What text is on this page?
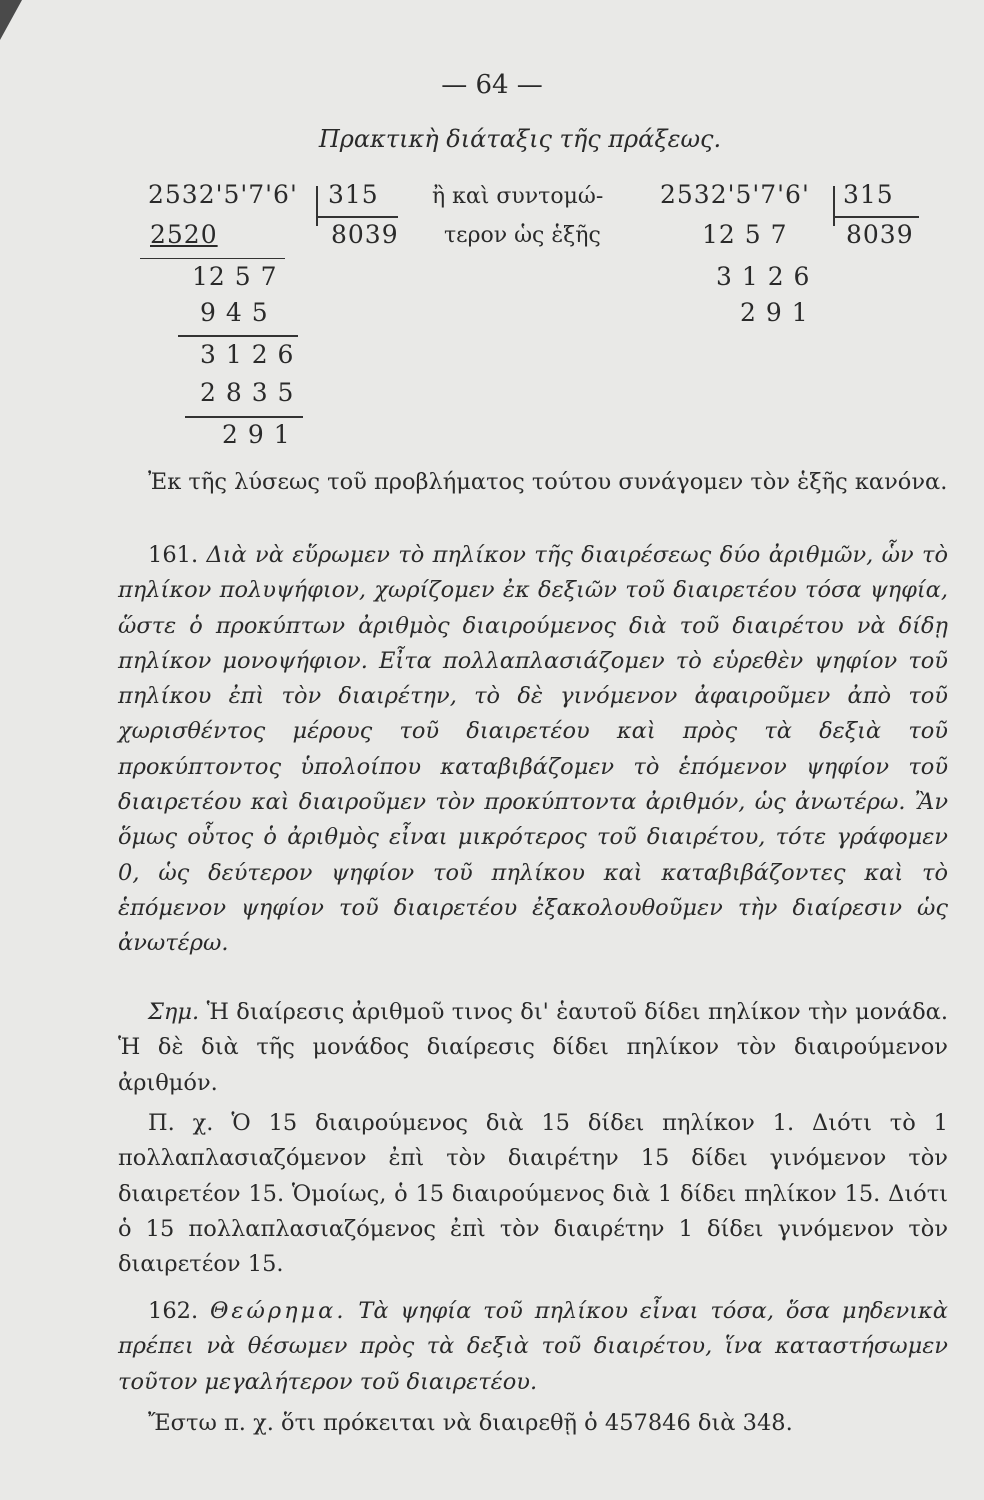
— 64 —
Πρακτικὴ διάταξις τῆς πράξεως.
2532'5'7'6' 315
8039
2520
12 5 7
9 4 5
3 1 2 6
2 8 3 5
2 9 1
ἢ καὶ συντομώ-
τερον ὡς ἑξῆς
2532'5'7'6' 315
8039
12 5 7
3 1 2 6
2 9 1
Ἐκ τῆς λύσεως τοῦ προβλήματος τούτου συνάγομεν τὸν ἑξῆς κανόνα.
161. Διὰ νὰ εὕρωμεν τὸ πηλίκον τῆς διαιρέσεως δύο ἀριθμῶν, ὧν τὸ πηλίκον πολυψήφιον, χωρίζομεν ἐκ δεξιῶν τοῦ διαιρετέου τόσα ψηφία, ὥστε ὁ προκύπτων ἀριθμὸς διαιρούμενος διὰ τοῦ διαιρέτου νὰ δίδῃ πηλίκον μονοψήφιον. Εἶτα πολλαπλασιάζομεν τὸ εὑρεθὲν ψηφίον τοῦ πηλίκου ἐπὶ τὸν διαιρέτην, τὸ δὲ γινόμενον ἀφαιροῦμεν ἀπὸ τοῦ χωρισθέντος μέρους τοῦ διαιρετέου καὶ πρὸς τὰ δεξιὰ τοῦ προκύπτοντος ὑπολοίπου καταβιβάζομεν τὸ ἑπόμενον ψηφίον τοῦ διαιρετέου καὶ διαιροῦμεν τὸν προκύπτοντα ἀριθμόν, ὡς ἀνωτέρω. Ἂν ὅμως οὗτος ὁ ἀριθμὸς εἶναι μικρότερος τοῦ διαιρέτου, τότε γράφομεν 0, ὡς δεύτερον ψηφίον τοῦ πηλίκου καὶ καταβιβάζοντες καὶ τὸ ἑπόμενον ψηφίον τοῦ διαιρετέου ἐξακολουθοῦμεν τὴν διαίρεσιν ὡς ἀνωτέρω.
Σημ. Ἡ διαίρεσις ἀριθμοῦ τινος δι' ἑαυτοῦ δίδει πηλίκον τὴν μονάδα. Ἡ δὲ διὰ τῆς μονάδος διαίρεσις δίδει πηλίκον τὸν διαιρούμενον ἀριθμόν.
Π. χ. Ὁ 15 διαιρούμενος διὰ 15 δίδει πηλίκον 1. Διότι τὸ 1 πολλαπλασιαζόμενον ἐπὶ τὸν διαιρέτην 15 δίδει γινόμενον τὸν διαιρετέον 15. Ὁμοίως, ὁ 15 διαιρούμενος διὰ 1 δίδει πηλίκον 15. Διότι ὁ 15 πολλαπλασιαζόμενος ἐπὶ τὸν διαιρέτην 1 δίδει γινόμενον τὸν διαιρετέον 15.
162. Θεώρημα. Τὰ ψηφία τοῦ πηλίκου εἶναι τόσα, ὅσα μηδενικὰ πρέπει νὰ θέσωμεν πρὸς τὰ δεξιὰ τοῦ διαιρέτου, ἵνα καταστήσωμεν τοῦτον μεγαλήτερον τοῦ διαιρετέου.
Ἔστω π. χ. ὅτι πρόκειται νὰ διαιρεθῇ ὁ 457846 διὰ 348.
